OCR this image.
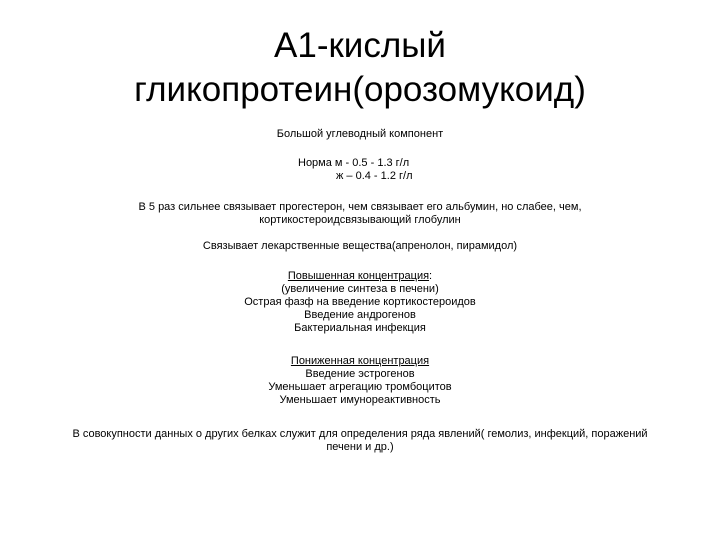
А1-кислый
гликопротеин(орозомукоид)

Большой углеводный компонент

Норма м - 0.5 - 1.3 г/л
ж – 0.4 - 1.2 г/л

В 5 раз сильнее связывает прогестерон, чем связывает его альбумин, но слабее, чем,
кортикостероидсвязывающий глобулин

Связывает лекарственные вещества(апренолон, пирамидол)

Повышенная концентрация:
(увеличение синтеза в печени)
Острая фазф на введение кортикостероидов
Введение андрогенов
Бактериальная инфекция

Пониженная концентрация
Введение эстрогенов
Уменьшает агрегацию тромбоцитов
Уменьшает имунореактивность

В совокупности данных о других белках служит для определения ряда явлений( гемолиз, инфекций, поражений
печени и др.)
